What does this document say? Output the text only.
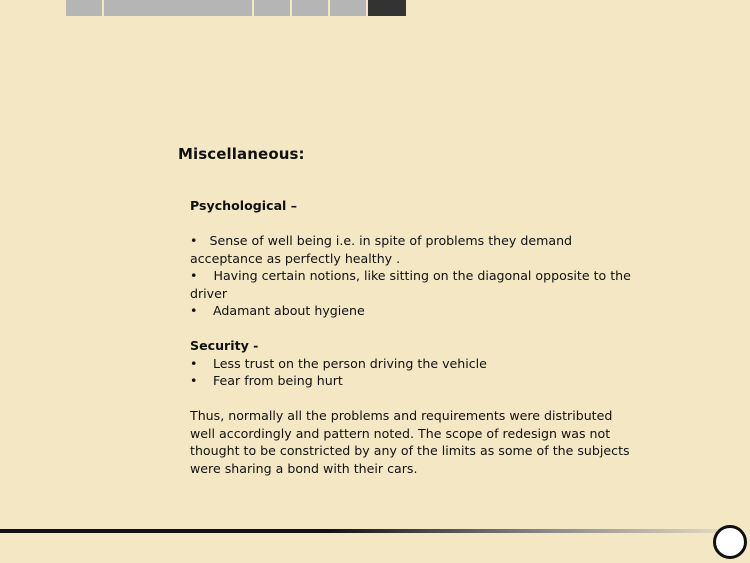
Miscellaneous:
Psychological –
• Sense of well being i.e. in spite of problems they demand acceptance as perfectly healthy .
• Having certain notions, like sitting on the diagonal opposite to the driver
•	Adamant about hygiene
Security -
•	Less trust on the person driving the vehicle
•	Fear from being hurt
Thus, normally all the problems and requirements were distributed well accordingly and pattern noted. The scope of redesign was not thought to be constricted by any of the limits as some of the subjects were sharing a bond with their cars.
